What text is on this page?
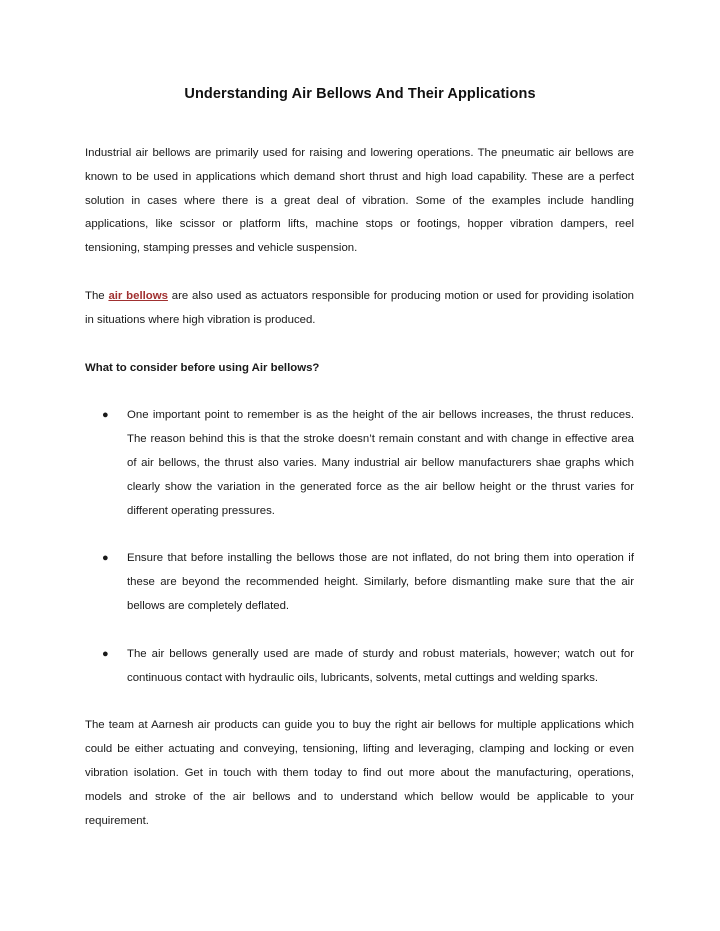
Understanding Air Bellows And Their Applications

Industrial air bellows are primarily used for raising and lowering operations. The pneumatic air bellows are known to be used in applications which demand short thrust and high load capability. These are a perfect solution in cases where there is a great deal of vibration. Some of the examples include handling applications, like scissor or platform lifts, machine stops or footings, hopper vibration dampers, reel tensioning, stamping presses and vehicle suspension.

The air bellows are also used as actuators responsible for producing motion or used for providing isolation in situations where high vibration is produced.

What to consider before using Air bellows?

● One important point to remember is as the height of the air bellows increases, the thrust reduces. The reason behind this is that the stroke doesn’t remain constant and with change in effective area of air bellows, the thrust also varies. Many industrial air bellow manufacturers shae graphs which clearly show the variation in the generated force as the air bellow height or the thrust varies for different operating pressures.
● Ensure that before installing the bellows those are not inflated, do not bring them into operation if these are beyond the recommended height. Similarly, before dismantling make sure that the air bellows are completely deflated.
● The air bellows generally used are made of sturdy and robust materials, however; watch out for continuous contact with hydraulic oils, lubricants, solvents, metal cuttings and welding sparks.

The team at Aarnesh air products can guide you to buy the right air bellows for multiple applications which could be either actuating and conveying, tensioning, lifting and leveraging, clamping and locking or even vibration isolation. Get in touch with them today to find out more about the manufacturing, operations, models and stroke of the air bellows and to understand which bellow would be applicable to your requirement.
